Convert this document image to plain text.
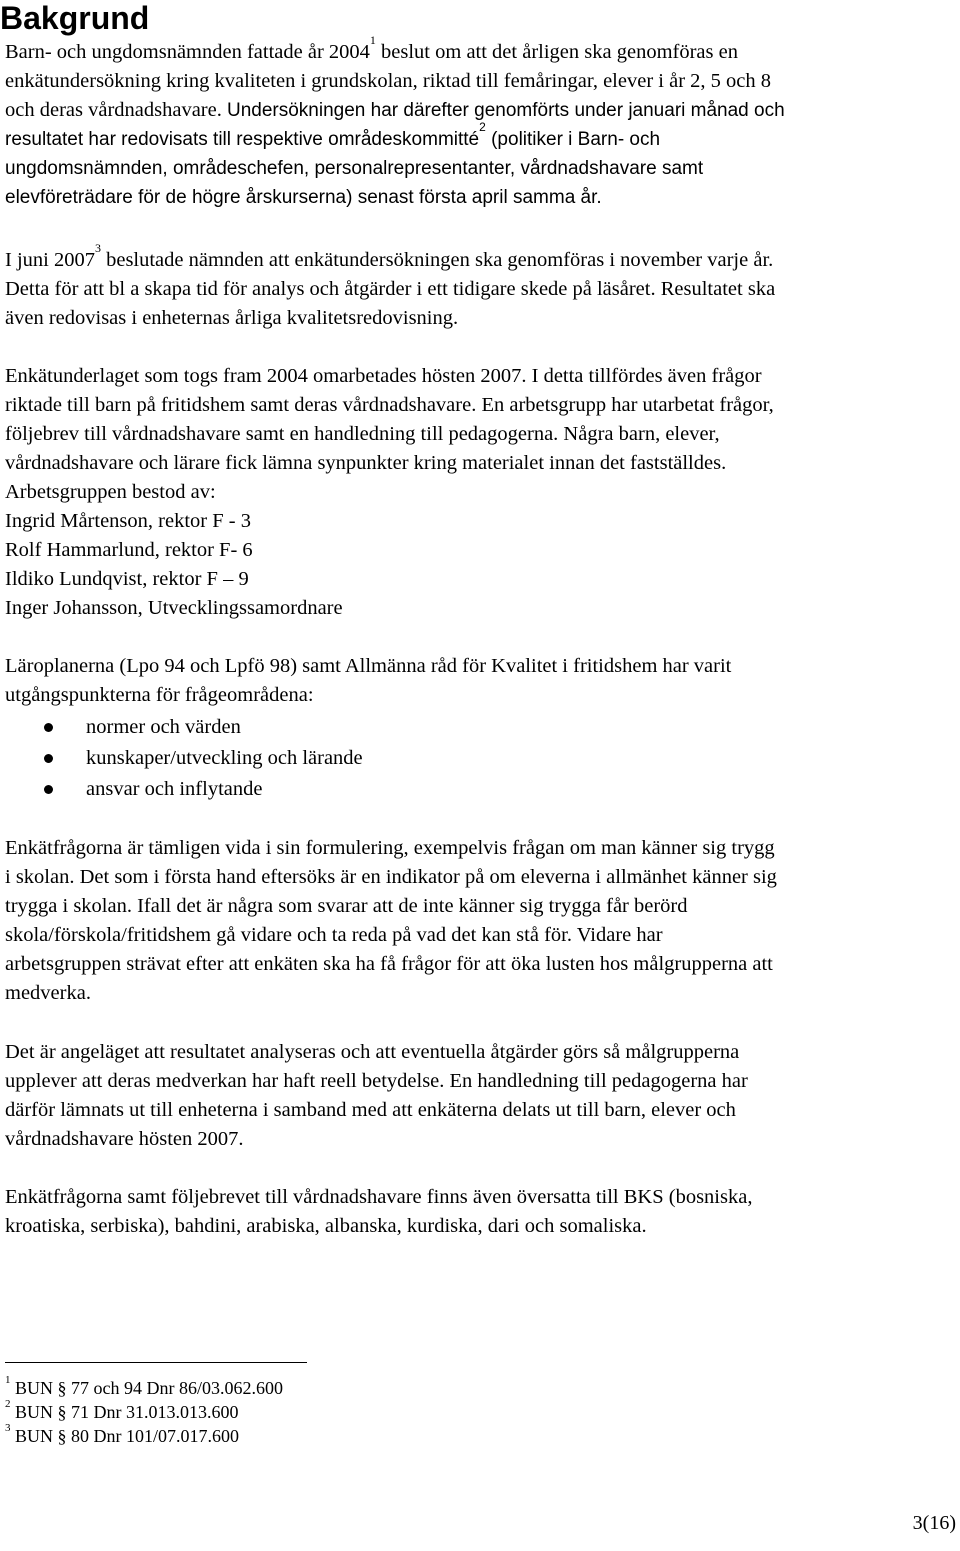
Bakgrund
Barn- och ungdomsnämnden fattade år 2004$^1$ beslut om att det årligen ska genomföras en
enkätundersökning kring kvaliteten i grundskolan, riktad till femåringar, elever i år 2, 5 och 8
och deras vårdnadshavare. Undersökningen har därefter genomförts under januari månad och
resultatet har redovisats till respektive områdeskommitté$^2$ (politiker i Barn- och
ungdomsnämnden, områdeschefen, personalrepresentanter, vårdnadshavare samt
elevföreträdare för de högre årskurserna) senast första april samma år.
I juni 2007$^3$ beslutade nämnden att enkätundersökningen ska genomföras i november varje år.
Detta för att bl a skapa tid för analys och åtgärder i ett tidigare skede på läsåret. Resultatet ska
även redovisas i enheternas årliga kvalitetsredovisning.
Enkätunderlaget som togs fram 2004 omarbetades hösten 2007. I detta tillfördes även frågor
riktade till barn på fritidshem samt deras vårdnadshavare. En arbetsgrupp har utarbetat frågor,
följebrev till vårdnadshavare samt en handledning till pedagogerna. Några barn, elever,
vårdnadshavare och lärare fick lämna synpunkter kring materialet innan det fastställdes.
Arbetsgruppen bestod av:
Ingrid Mårtenson, rektor F - 3
Rolf Hammarlund, rektor F- 6
Ildiko Lundqvist, rektor F – 9
Inger Johansson, Utvecklingssamordnare
Läroplanerna (Lpo 94 och Lpfö 98) samt Allmänna råd för Kvalitet i fritidshem har varit
utgångspunkterna för frågeområdena:
normer och värden
kunskaper/utveckling och lärande
ansvar och inflytande
Enkätfrågorna är tämligen vida i sin formulering, exempelvis frågan om man känner sig trygg
i skolan. Det som i första hand eftersöks är en indikator på om eleverna i allmänhet känner sig
trygga i skolan. Ifall det är några som svarar att de inte känner sig trygga får berörd
skola/förskola/fritidshem gå vidare och ta reda på vad det kan stå för. Vidare har
arbetsgruppen strävat efter att enkäten ska ha få frågor för att öka lusten hos målgrupperna att
medverka.
Det är angeläget att resultatet analyseras och att eventuella åtgärder görs så målgrupperna
upplever att deras medverkan har haft reell betydelse. En handledning till pedagogerna har
därför lämnats ut till enheterna i samband med att enkäterna delats ut till barn, elever och
vårdnadshavare hösten 2007.
Enkätfrågorna samt följebrevet till vårdnadshavare finns även översatta till BKS (bosniska,
kroatiska, serbiska), bahdini, arabiska, albanska, kurdiska, dari och somaliska.
$^1$ BUN § 77 och 94 Dnr 86/03.062.600
$^2$ BUN § 71 Dnr 31.013.013.600
$^3$ BUN § 80 Dnr 101/07.017.600
3(16)
